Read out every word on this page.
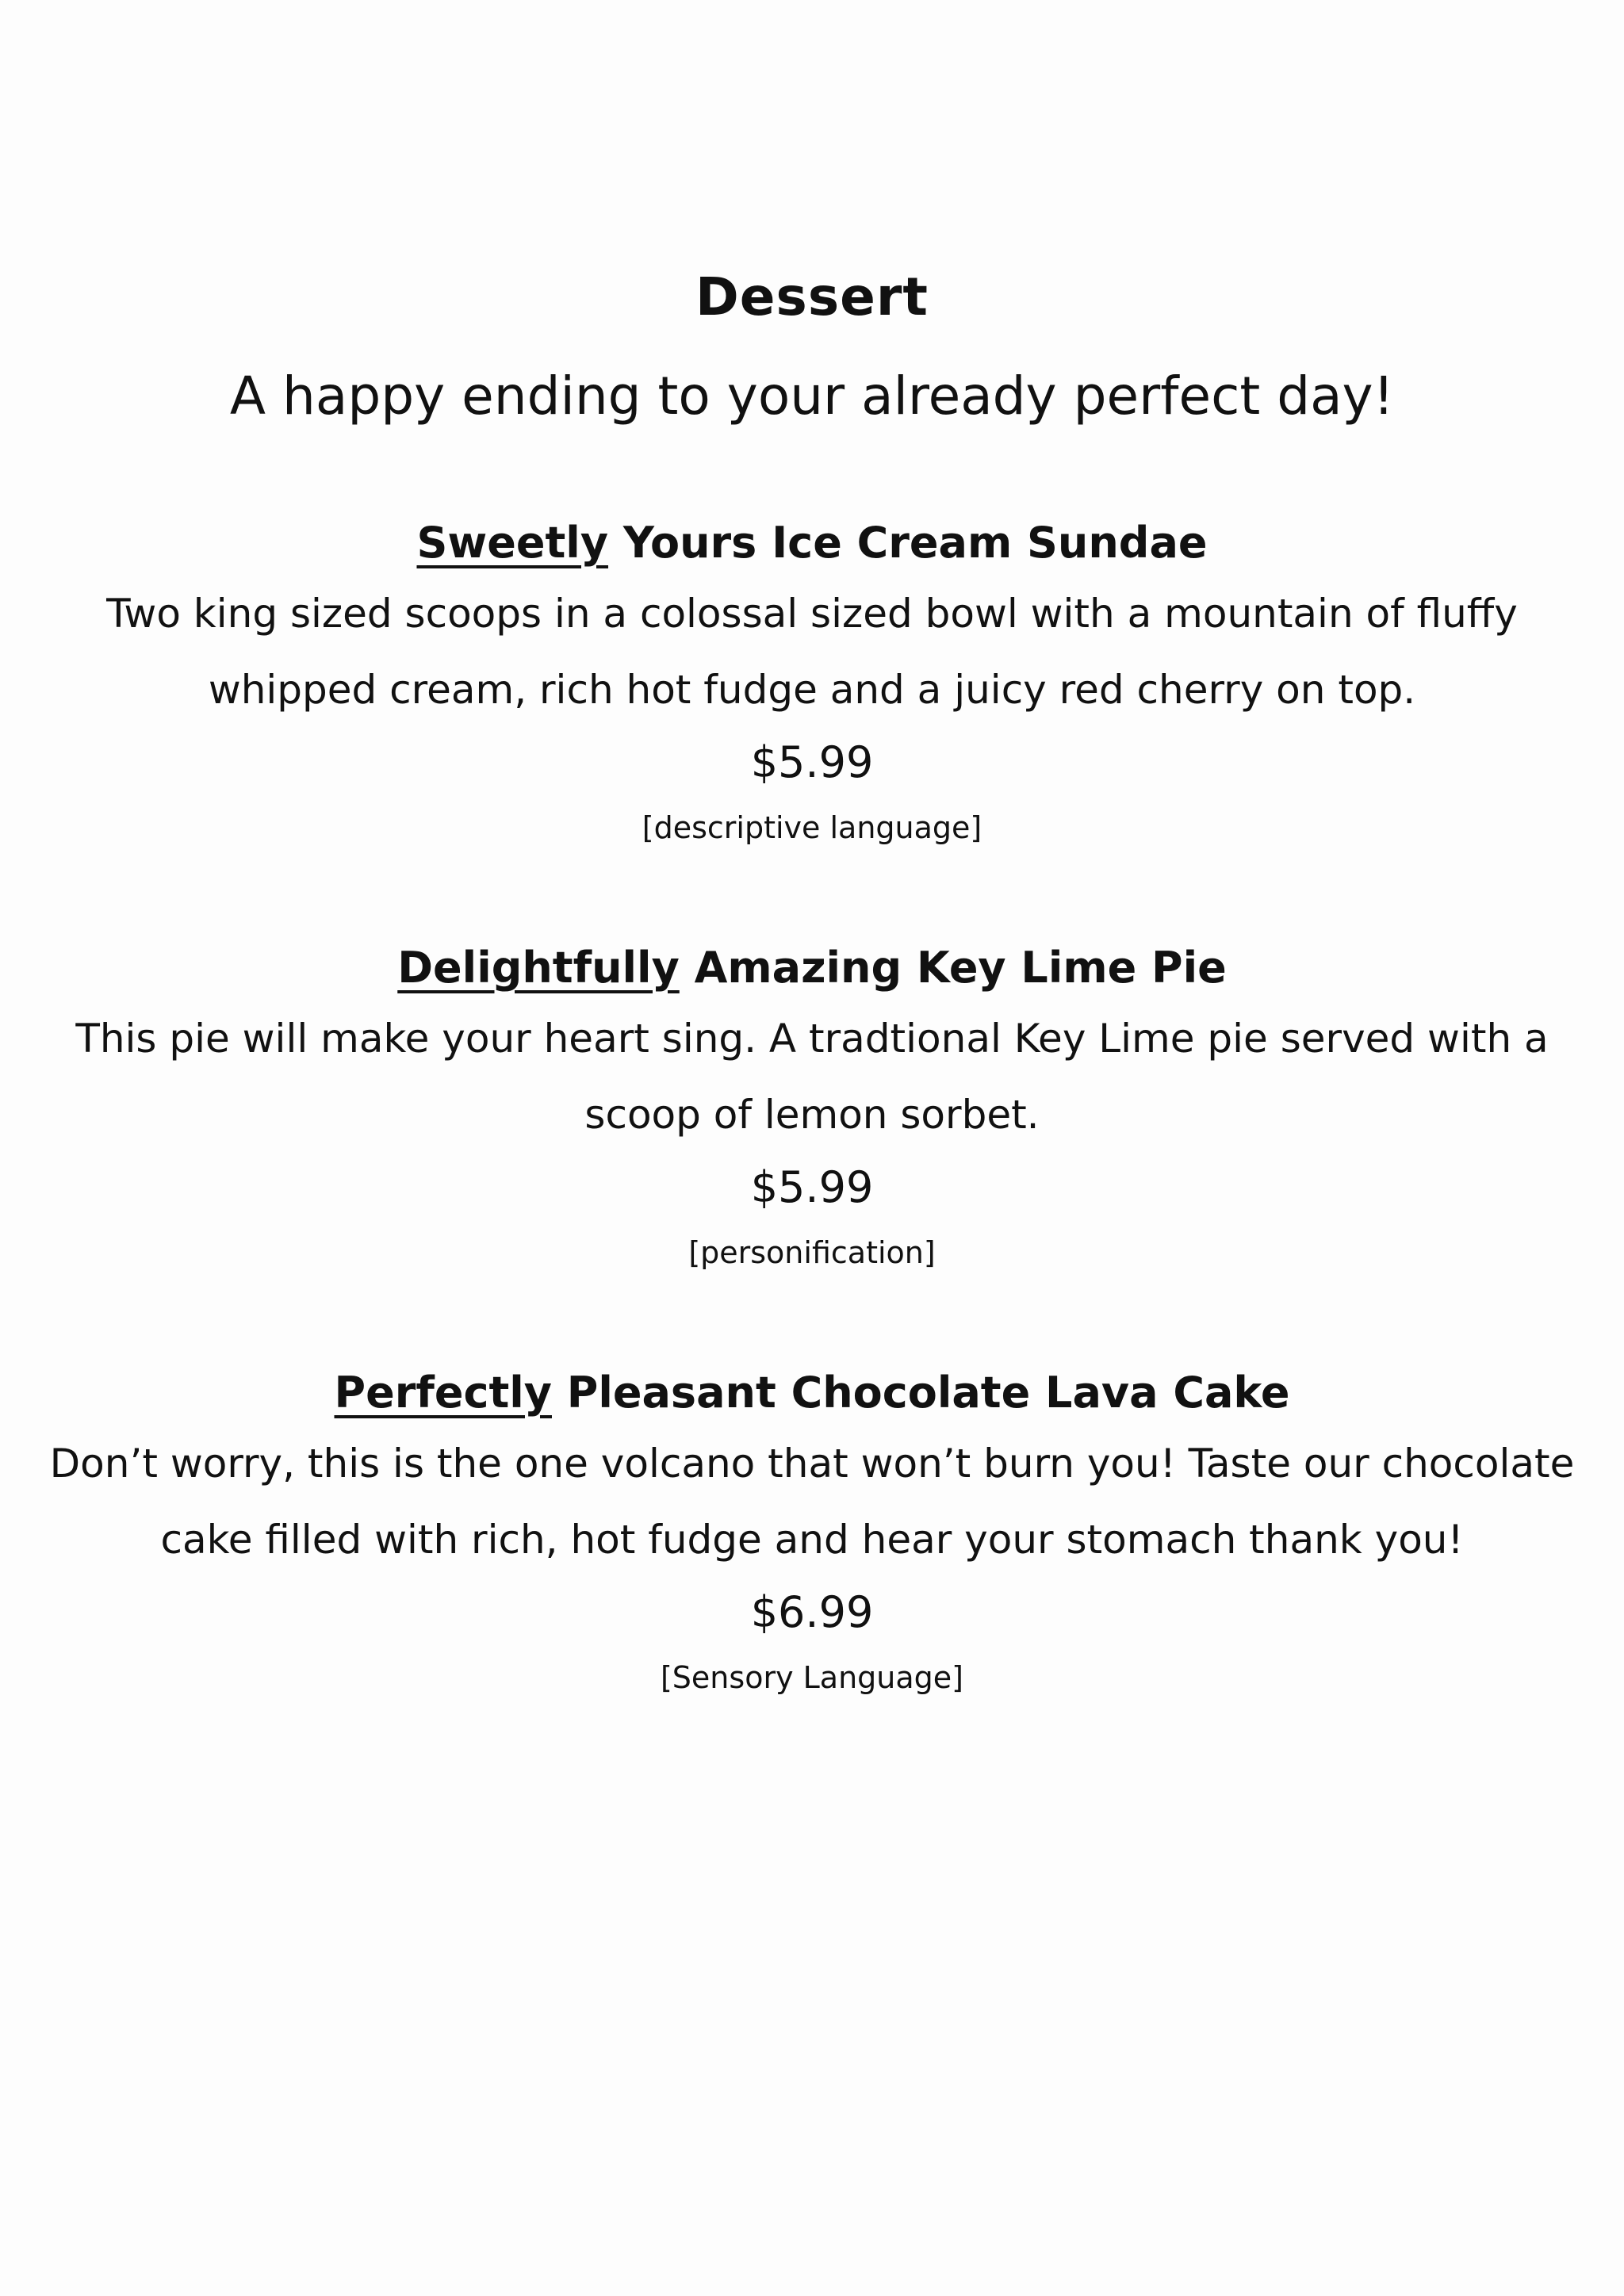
Dessert

A happy ending to your already perfect day!

Sweetly Yours Ice Cream Sundae

Two king sized scoops in a colossal sized bowl with a mountain of fluffy whipped cream, rich hot fudge and a juicy red cherry on top.

$5.99

[descriptive language]

Delightfully Amazing Key Lime Pie

This pie will make your heart sing. A tradtional Key Lime pie served with a scoop of lemon sorbet.

$5.99

[personification]

Perfectly Pleasant Chocolate Lava Cake

Don’t worry, this is the one volcano that won’t burn you! Taste our chocolate cake filled with rich, hot fudge and hear your stomach thank you!

$6.99

[Sensory Language]
